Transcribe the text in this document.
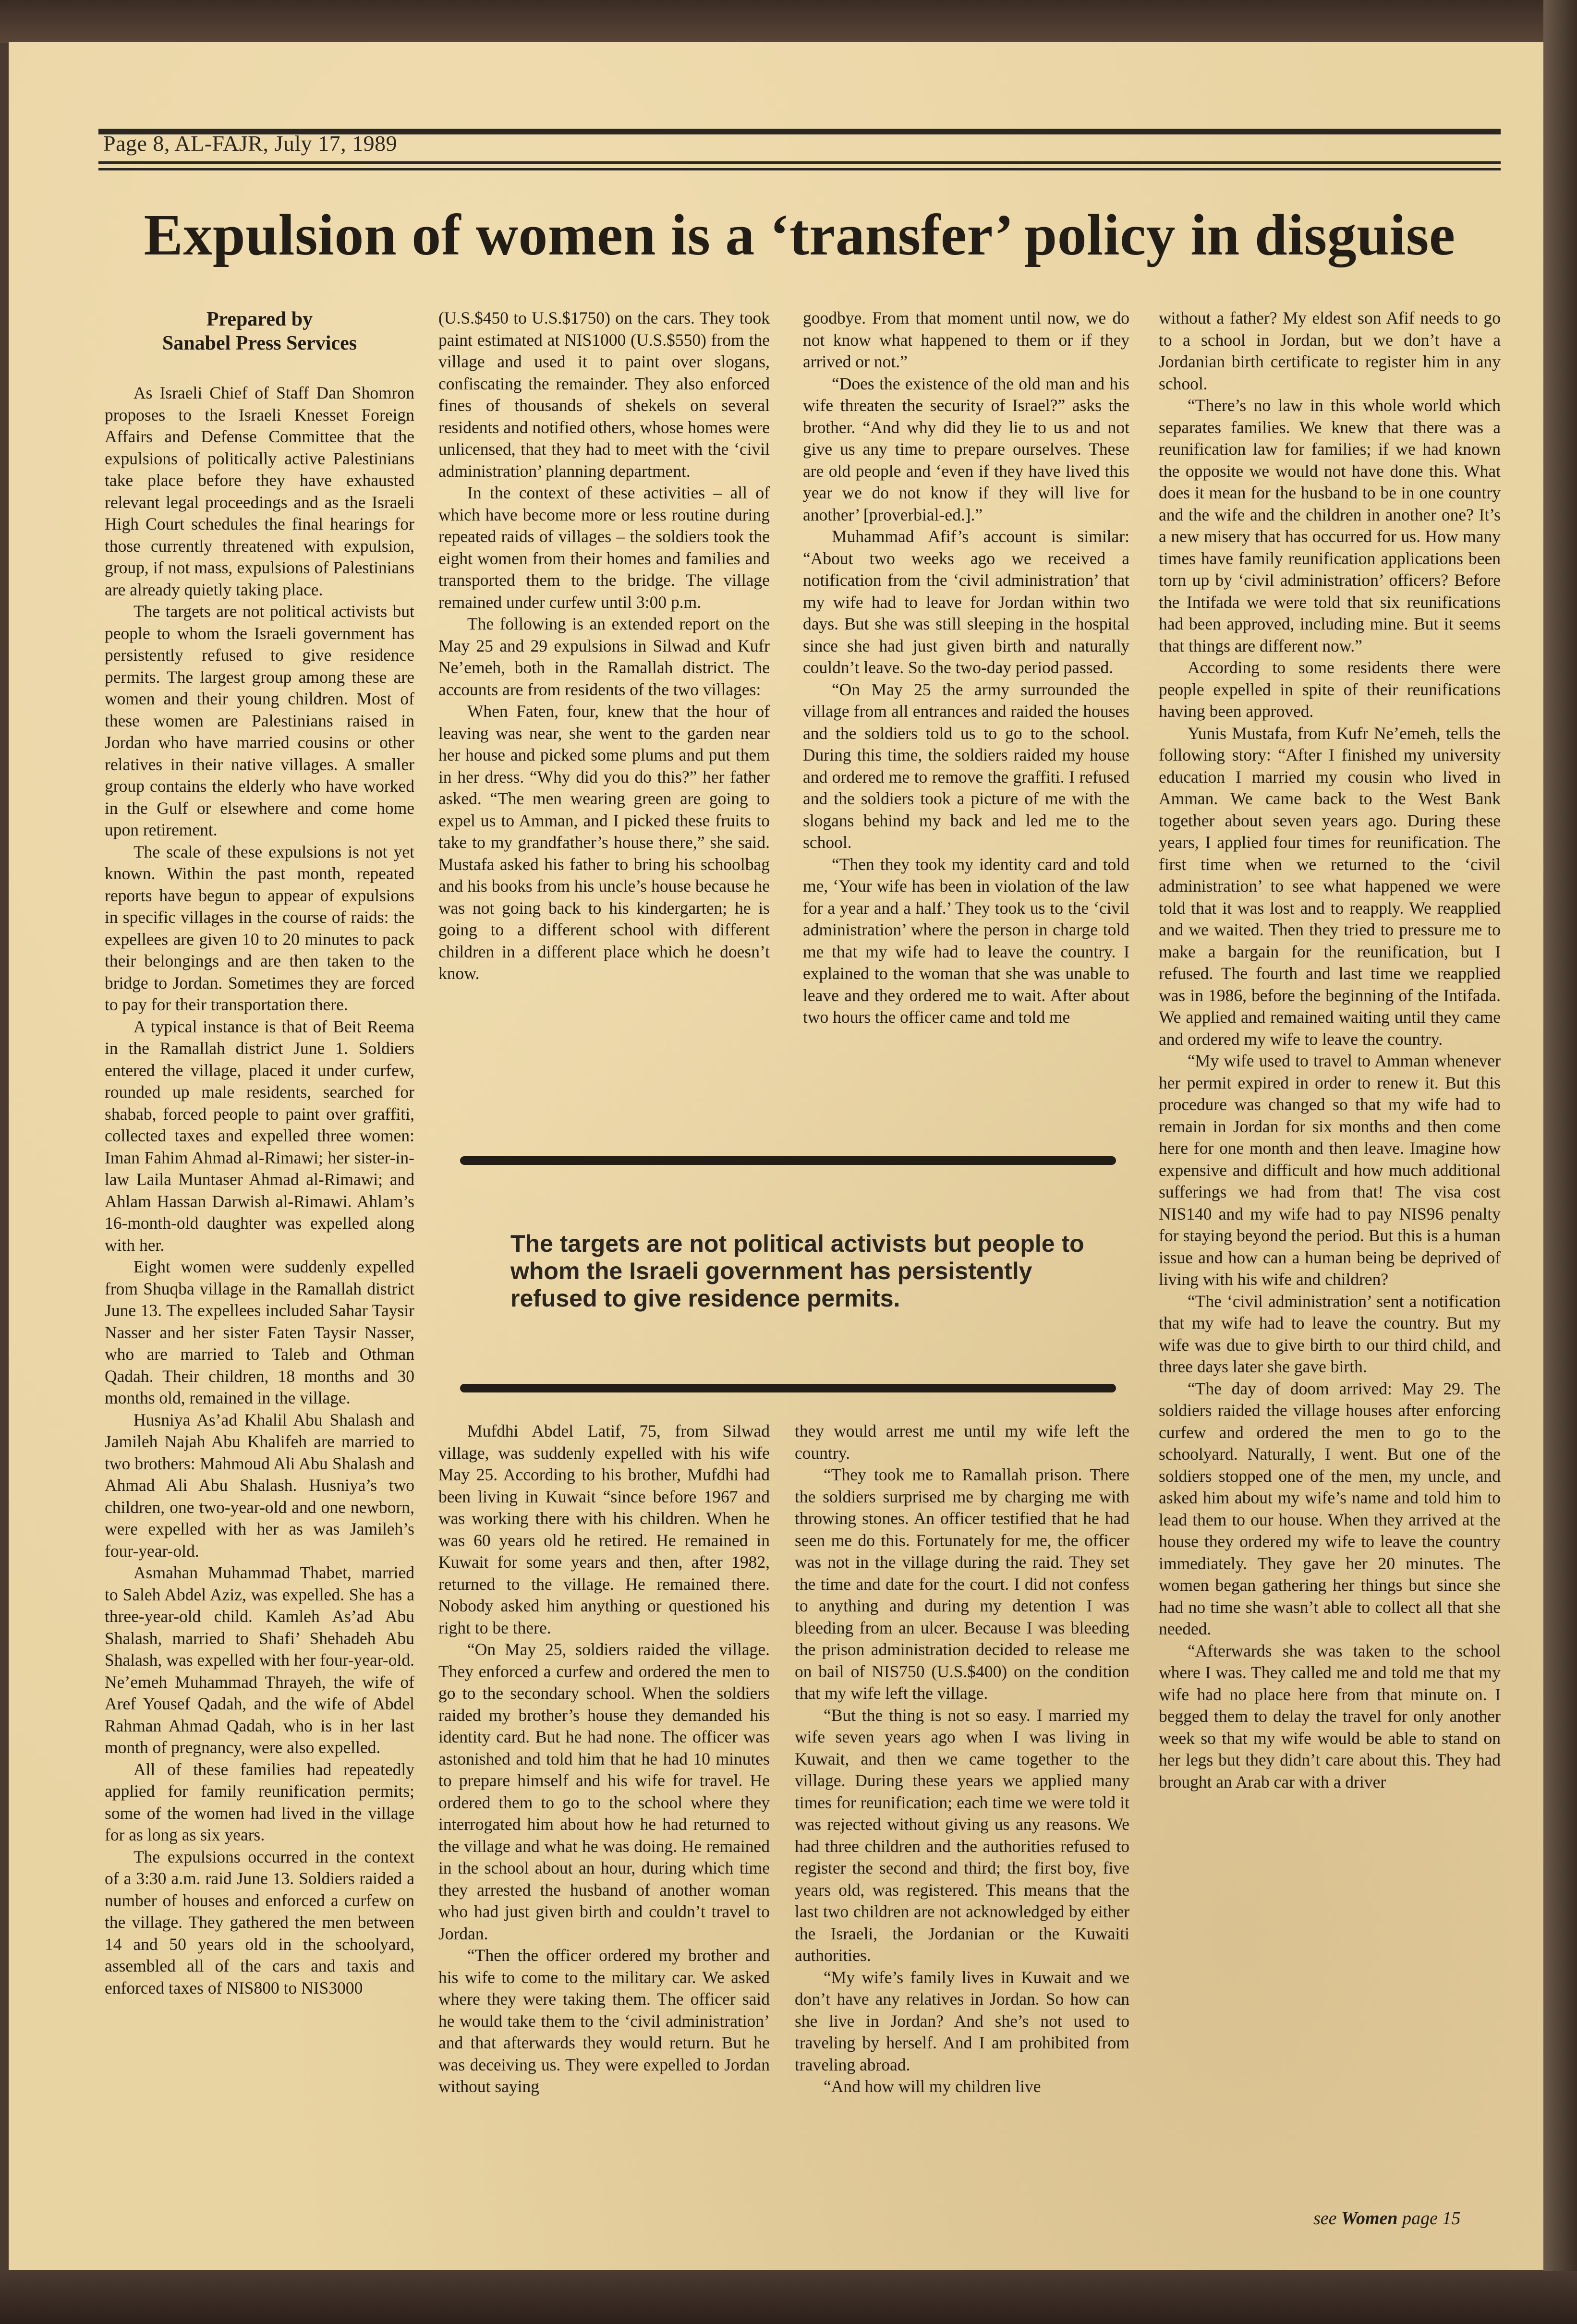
Page 8, AL-FAJR, July 17, 1989
Expulsion of women is a ‘transfer’ policy in disguise
Prepared by
Sanabel Press Services

As Israeli Chief of Staff Dan Shomron proposes to the Israeli Knesset Foreign Affairs and Defense Committee that the expulsions of politically active Palestinians take place before they have exhausted relevant legal proceedings and as the Israeli High Court schedules the final hearings for those currently threatened with expulsion, group, if not mass, expulsions of Palestinians are already quietly taking place.

The targets are not political activists but people to whom the Israeli government has persistently refused to give residence permits. The largest group among these are women and their young children. Most of these women are Palestinians raised in Jordan who have married cousins or other relatives in their native villages. A smaller group contains the elderly who have worked in the Gulf or elsewhere and come home upon retirement.

The scale of these expulsions is not yet known. Within the past month, repeated reports have begun to appear of expulsions in specific villages in the course of raids: the expellees are given 10 to 20 minutes to pack their belongings and are then taken to the bridge to Jordan. Sometimes they are forced to pay for their transportation there.

A typical instance is that of Beit Reema in the Ramallah district June 1. Soldiers entered the village, placed it under curfew, rounded up male residents, searched for shabab, forced people to paint over graffiti, collected taxes and expelled three women: Iman Fahim Ahmad al-Rimawi; her sister-in-law Laila Muntaser Ahmad al-Rimawi; and Ahlam Hassan Darwish al-Rimawi. Ahlam’s 16-month-old daughter was expelled along with her.

Eight women were suddenly expelled from Shuqba village in the Ramallah district June 13. The expellees included Sahar Taysir Nasser and her sister Faten Taysir Nasser, who are married to Taleb and Othman Qadah. Their children, 18 months and 30 months old, remained in the village.

Husniya As’ad Khalil Abu Shalash and Jamileh Najah Abu Khalifeh are married to two brothers: Mahmoud Ali Abu Shalash and Ahmad Ali Abu Shalash. Husniya’s two children, one two-year-old and one newborn, were expelled with her as was Jamileh’s four-year-old.

Asmahan Muhammad Thabet, married to Saleh Abdel Aziz, was expelled. She has a three-year-old child. Kamleh As’ad Abu Shalash, married to Shafi’ Shehadeh Abu Shalash, was expelled with her four-year-old. Ne’emeh Muhammad Thrayeh, the wife of Aref Yousef Qadah, and the wife of Abdel Rahman Ahmad Qadah, who is in her last month of pregnancy, were also expelled.

All of these families had repeatedly applied for family reunification permits; some of the women had lived in the village for as long as six years.

The expulsions occurred in the context of a 3:30 a.m. raid June 13. Soldiers raided a number of houses and enforced a curfew on the village. They gathered the men between 14 and 50 years old in the schoolyard, assembled all of the cars and taxis and enforced taxes of NIS800 to NIS3000

(U.S.$450 to U.S.$1750) on the cars. They took paint estimated at NIS1000 (U.S.$550) from the village and used it to paint over slogans, confiscating the remainder. They also enforced fines of thousands of shekels on several residents and notified others, whose homes were unlicensed, that they had to meet with the ‘civil administration’ planning department.

In the context of these activities – all of which have become more or less routine during repeated raids of villages – the soldiers took the eight women from their homes and families and transported them to the bridge. The village remained under curfew until 3:00 p.m.

The following is an extended report on the May 25 and 29 expulsions in Silwad and Kufr Ne’emeh, both in the Ramallah district. The accounts are from residents of the two villages:

When Faten, four, knew that the hour of leaving was near, she went to the garden near her house and picked some plums and put them in her dress. “Why did you do this?” her father asked. “The men wearing green are going to expel us to Amman, and I picked these fruits to take to my grandfather’s house there,” she said. Mustafa asked his father to bring his schoolbag and his books from his uncle’s house because he was not going back to his kindergarten; he is going to a different school with different children in a different place which he doesn’t know.

goodbye. From that moment until now, we do not know what happened to them or if they arrived or not.”

“Does the existence of the old man and his wife threaten the security of Israel?” asks the brother. “And why did they lie to us and not give us any time to prepare ourselves. These are old people and ‘even if they have lived this year we do not know if they will live for another’ [proverbial-ed.].”

Muhammad Afif’s account is similar: “About two weeks ago we received a notification from the ‘civil administration’ that my wife had to leave for Jordan within two days. But she was still sleeping in the hospital since she had just given birth and naturally couldn’t leave. So the two-day period passed.

“On May 25 the army surrounded the village from all entrances and raided the houses and the soldiers told us to go to the school. During this time, the soldiers raided my house and ordered me to remove the graffiti. I refused and the soldiers took a picture of me with the slogans behind my back and led me to the school.

“Then they took my identity card and told me, ‘Your wife has been in violation of the law for a year and a half.’ They took us to the ‘civil administration’ where the person in charge told me that my wife had to leave the country. I explained to the woman that she was unable to leave and they ordered me to wait. After about two hours the officer came and told me

without a father? My eldest son Afif needs to go to a school in Jordan, but we don’t have a Jordanian birth certificate to register him in any school.

“There’s no law in this whole world which separates families. We knew that there was a reunification law for families; if we had known the opposite we would not have done this. What does it mean for the husband to be in one country and the wife and the children in another one? It’s a new misery that has occurred for us. How many times have family reunification applications been torn up by ‘civil administration’ officers? Before the Intifada we were told that six reunifications had been approved, including mine. But it seems that things are different now.”

According to some residents there were people expelled in spite of their reunifications having been approved.

Yunis Mustafa, from Kufr Ne’emeh, tells the following story: “After I finished my university education I married my cousin who lived in Amman. We came back to the West Bank together about seven years ago. During these years, I applied four times for reunification. The first time when we returned to the ‘civil administration’ to see what happened we were told that it was lost and to reapply. We reapplied and we waited. Then they tried to pressure me to make a bargain for the reunification, but I refused. The fourth and last time we reapplied was in 1986, before the beginning of the Intifada. We applied and remained waiting until they came and ordered my wife to leave the country.

“My wife used to travel to Amman whenever her permit expired in order to renew it. But this procedure was changed so that my wife had to remain in Jordan for six months and then come here for one month and then leave. Imagine how expensive and difficult and how much additional sufferings we had from that! The visa cost NIS140 and my wife had to pay NIS96 penalty for staying beyond the period. But this is a human issue and how can a human being be deprived of living with his wife and children?

“The ‘civil administration’ sent a notification that my wife had to leave the country. But my wife was due to give birth to our third child, and three days later she gave birth.

“The day of doom arrived: May 29. The soldiers raided the village houses after enforcing curfew and ordered the men to go to the schoolyard. Naturally, I went. But one of the soldiers stopped one of the men, my uncle, and asked him about my wife’s name and told him to lead them to our house. When they arrived at the house they ordered my wife to leave the country immediately. They gave her 20 minutes. The women began gathering her things but since she had no time she wasn’t able to collect all that she needed.

“Afterwards she was taken to the school where I was. They called me and told me that my wife had no place here from that minute on. I begged them to delay the travel for only another week so that my wife would be able to stand on her legs but they didn’t care about this. They had brought an Arab car with a driver

The targets are not political activists but people to whom the Israeli government has persistently refused to give residence permits.

Mufdhi Abdel Latif, 75, from Silwad village, was suddenly expelled with his wife May 25. According to his brother, Mufdhi had been living in Kuwait “since before 1967 and was working there with his children. When he was 60 years old he retired. He remained in Kuwait for some years and then, after 1982, returned to the village. He remained there. Nobody asked him anything or questioned his right to be there.

“On May 25, soldiers raided the village. They enforced a curfew and ordered the men to go to the secondary school. When the soldiers raided my brother’s house they demanded his identity card. But he had none. The officer was astonished and told him that he had 10 minutes to prepare himself and his wife for travel. He ordered them to go to the school where they interrogated him about how he had returned to the village and what he was doing. He remained in the school about an hour, during which time they arrested the husband of another woman who had just given birth and couldn’t travel to Jordan.

“Then the officer ordered my brother and his wife to come to the military car. We asked where they were taking them. The officer said he would take them to the ‘civil administration’ and that afterwards they would return. But he was deceiving us. They were expelled to Jordan without saying

they would arrest me until my wife left the country.

“They took me to Ramallah prison. There the soldiers surprised me by charging me with throwing stones. An officer testified that he had seen me do this. Fortunately for me, the officer was not in the village during the raid. They set the time and date for the court. I did not confess to anything and during my detention I was bleeding from an ulcer. Because I was bleeding the prison administration decided to release me on bail of NIS750 (U.S.$400) on the condition that my wife left the village.

“But the thing is not so easy. I married my wife seven years ago when I was living in Kuwait, and then we came together to the village. During these years we applied many times for reunification; each time we were told it was rejected without giving us any reasons. We had three children and the authorities refused to register the second and third; the first boy, five years old, was registered. This means that the last two children are not acknowledged by either the Israeli, the Jordanian or the Kuwaiti authorities.

“My wife’s family lives in Kuwait and we don’t have any relatives in Jordan. So how can she live in Jordan? And she’s not used to traveling by herself. And I am prohibited from traveling abroad.

“And how will my children live

see Women page 15
